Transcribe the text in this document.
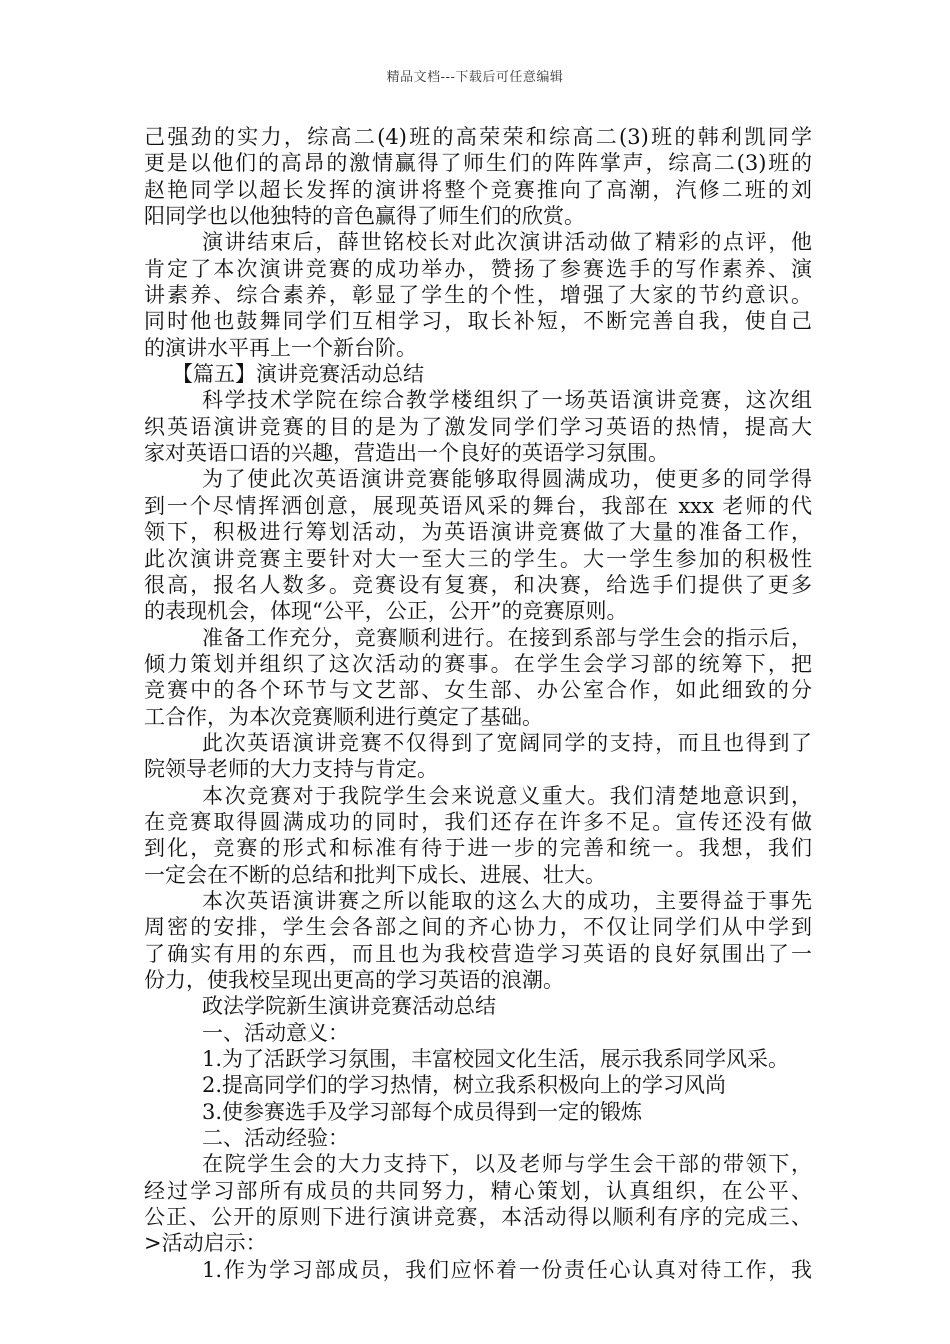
精品文档---下载后可任意编辑
己强劲的实力，综高二(4)班的高荣荣和综高二(3)班的韩利凯同学
更是以他们的高昂的激情赢得了师生们的阵阵掌声，综高二(3)班的
赵艳同学以超长发挥的演讲将整个竞赛推向了高潮，汽修二班的刘
阳同学也以他独特的音色赢得了师生们的欣赏。
演讲结束后，薛世铭校长对此次演讲活动做了精彩的点评，他
肯定了本次演讲竞赛的成功举办，赞扬了参赛选手的写作素养、演
讲素养、综合素养，彰显了学生的个性，增强了大家的节约意识。
同时他也鼓舞同学们互相学习，取长补短，不断完善自我，使自己
的演讲水平再上一个新台阶。
【篇五】演讲竞赛活动总结
科学技术学院在综合教学楼组织了一场英语演讲竞赛，这次组
织英语演讲竞赛的目的是为了激发同学们学习英语的热情，提高大
家对英语口语的兴趣，营造出一个良好的英语学习氛围。
为了使此次英语演讲竞赛能够取得圆满成功，使更多的同学得
到一个尽情挥洒创意，展现英语风采的舞台，我部在 xxx 老师的代
领下，积极进行筹划活动，为英语演讲竞赛做了大量的准备工作，
此次演讲竞赛主要针对大一至大三的学生。大一学生参加的积极性
很高，报名人数多。竞赛设有复赛，和决赛，给选手们提供了更多
的表现机会，体现“公平，公正，公开”的竞赛原则。
准备工作充分，竞赛顺利进行。在接到系部与学生会的指示后，
倾力策划并组织了这次活动的赛事。在学生会学习部的统筹下，把
竞赛中的各个环节与文艺部、女生部、办公室合作，如此细致的分
工合作，为本次竞赛顺利进行奠定了基础。
此次英语演讲竞赛不仅得到了宽阔同学的支持，而且也得到了
院领导老师的大力支持与肯定。
本次竞赛对于我院学生会来说意义重大。我们清楚地意识到，
在竞赛取得圆满成功的同时，我们还存在许多不足。宣传还没有做
到化，竞赛的形式和标准有待于进一步的完善和统一。我想，我们
一定会在不断的总结和批判下成长、进展、壮大。
本次英语演讲赛之所以能取的这么大的成功，主要得益于事先
周密的安排，学生会各部之间的齐心协力，不仅让同学们从中学到
了确实有用的东西，而且也为我校营造学习英语的良好氛围出了一
份力，使我校呈现出更高的学习英语的浪潮。
政法学院新生演讲竞赛活动总结
一、活动意义：
1.为了活跃学习氛围，丰富校园文化生活，展示我系同学风采。
2.提高同学们的学习热情，树立我系积极向上的学习风尚
3.使参赛选手及学习部每个成员得到一定的锻炼
二、活动经验：
在院学生会的大力支持下，以及老师与学生会干部的带领下，
经过学习部所有成员的共同努力，精心策划，认真组织，在公平、
公正、公开的原则下进行演讲竞赛，本活动得以顺利有序的完成三、
>活动启示：
1.作为学习部成员，我们应怀着一份责任心认真对待工作，我
